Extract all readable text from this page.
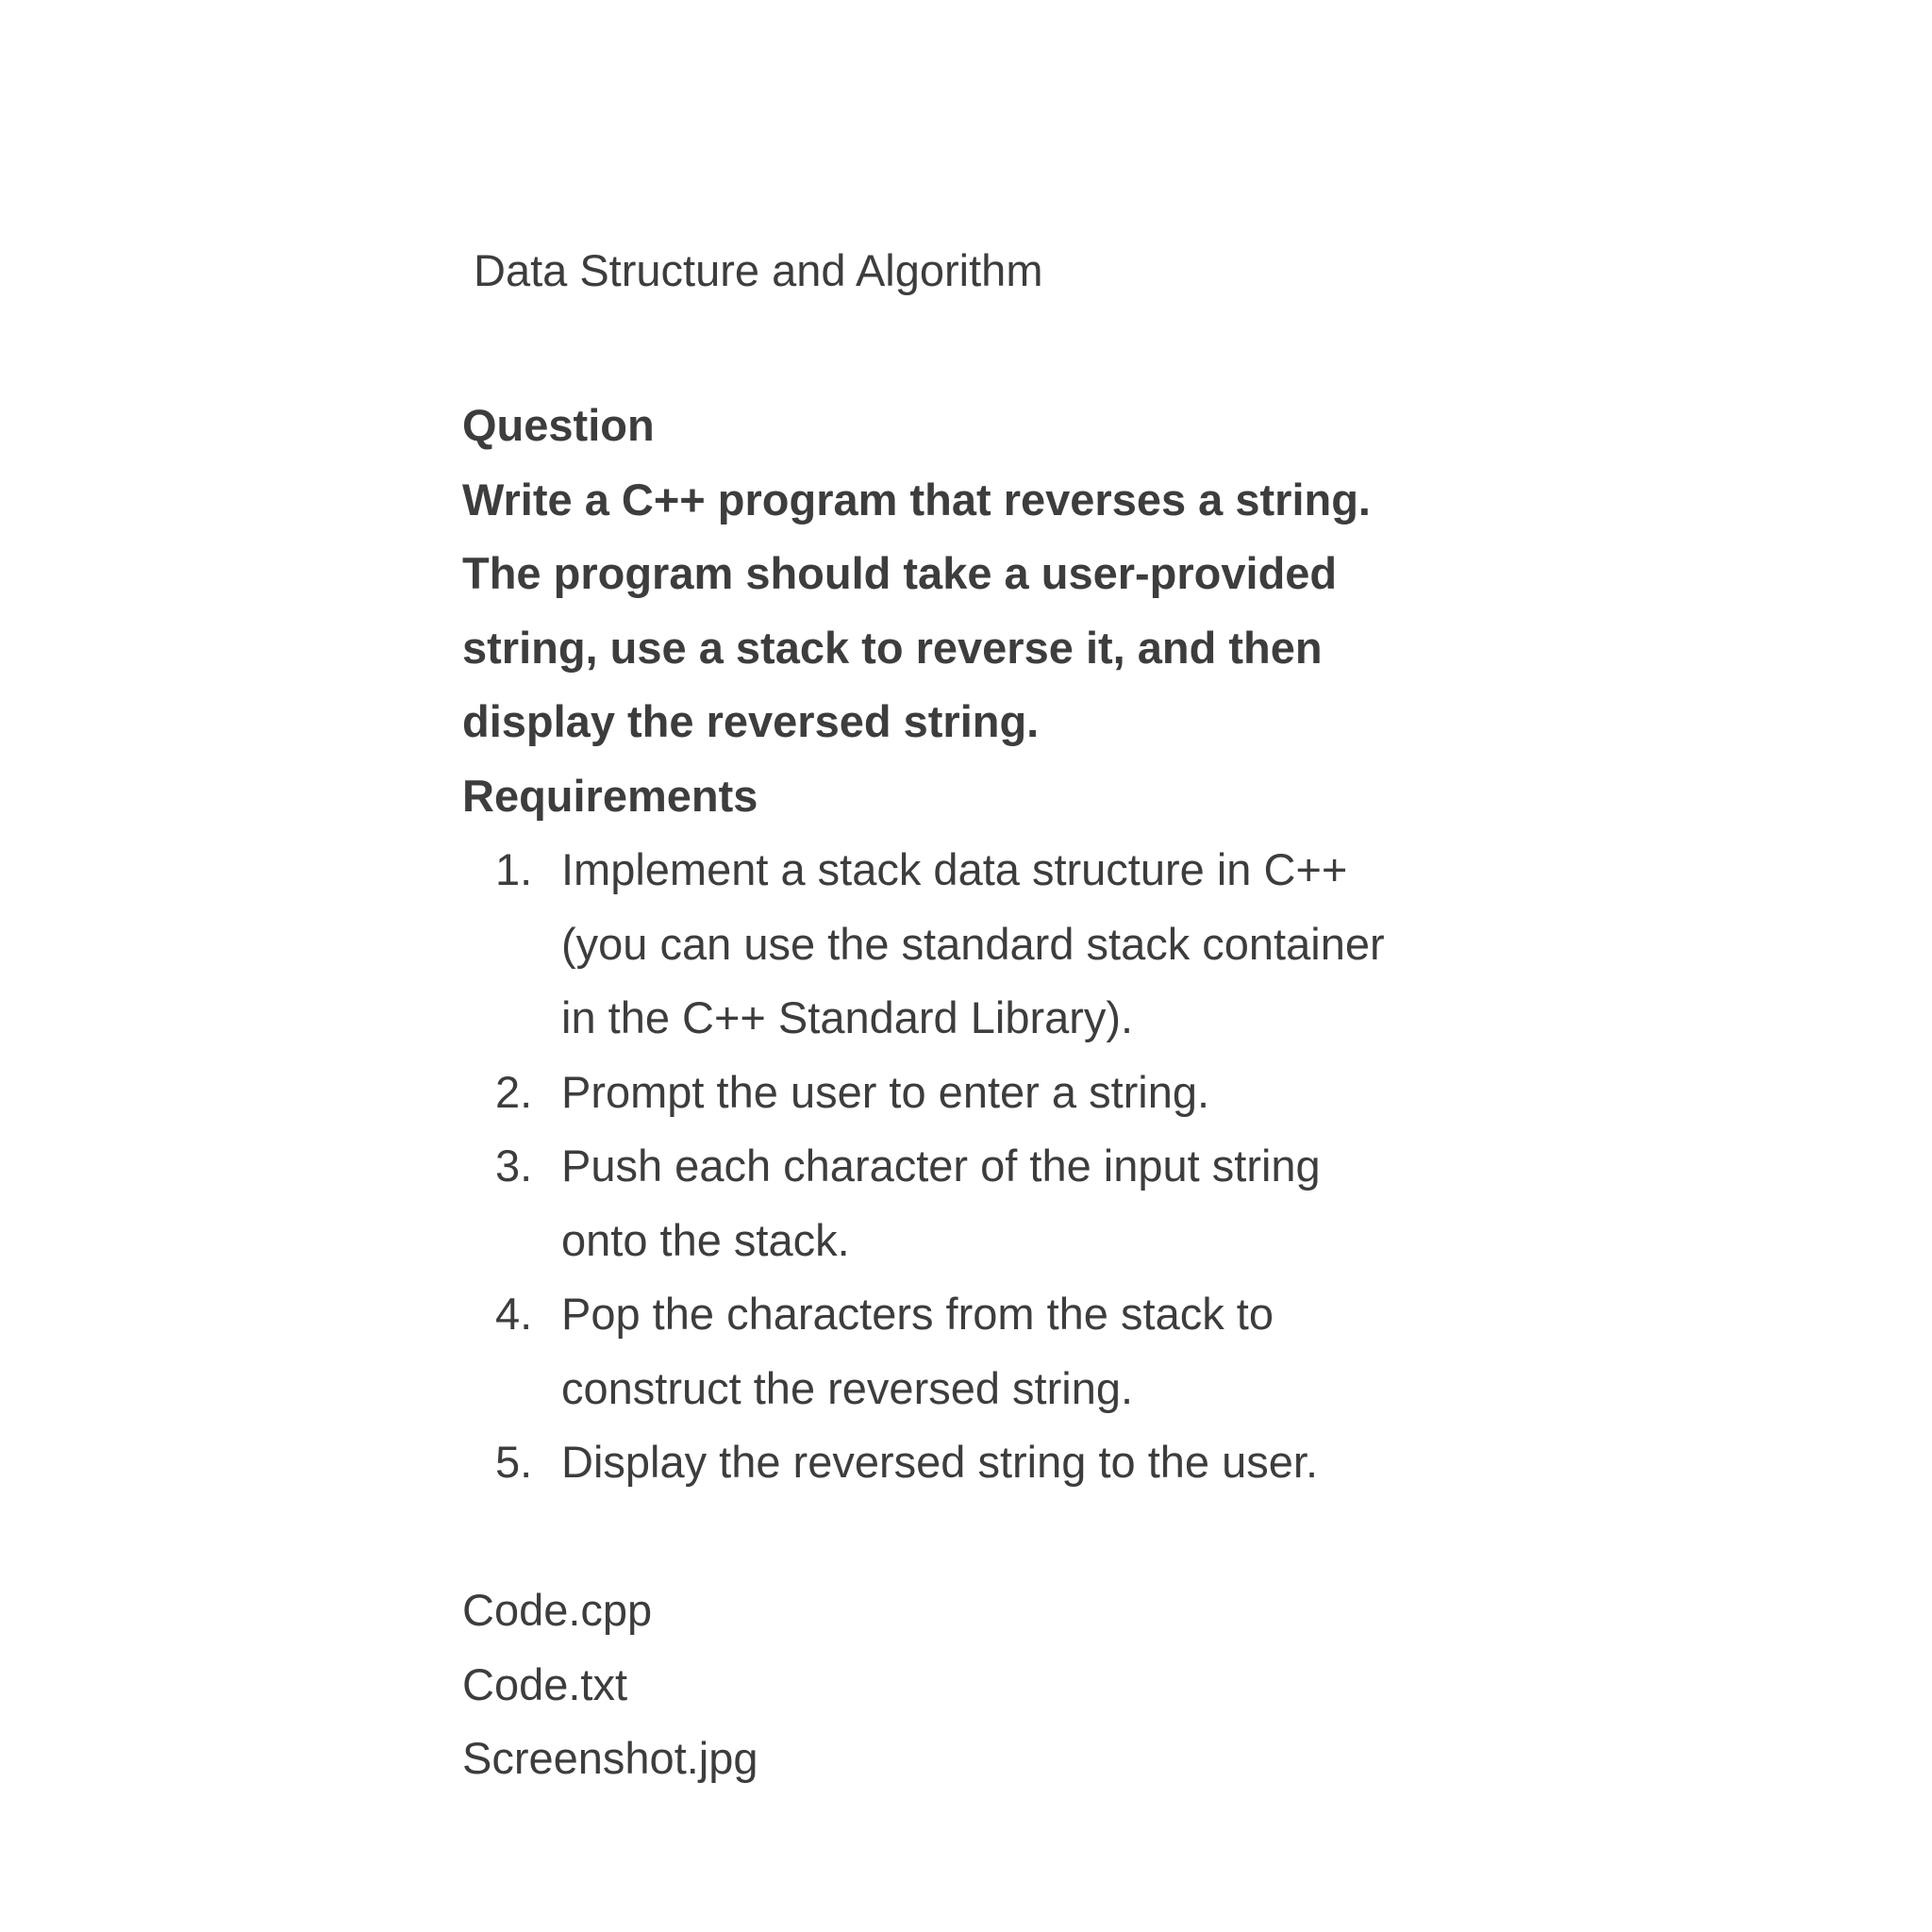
Data Structure and Algorithm
Question
Write a C++ program that reverses a string.
The program should take a user-provided
string, use a stack to reverse it, and then
display the reversed string.
Requirements
1. Implement a stack data structure in C++
(you can use the standard stack container
in the C++ Standard Library).
2. Prompt the user to enter a string.
3. Push each character of the input string
onto the stack.
4. Pop the characters from the stack to
construct the reversed string.
5. Display the reversed string to the user.
Code.cpp
Code.txt
Screenshot.jpg
